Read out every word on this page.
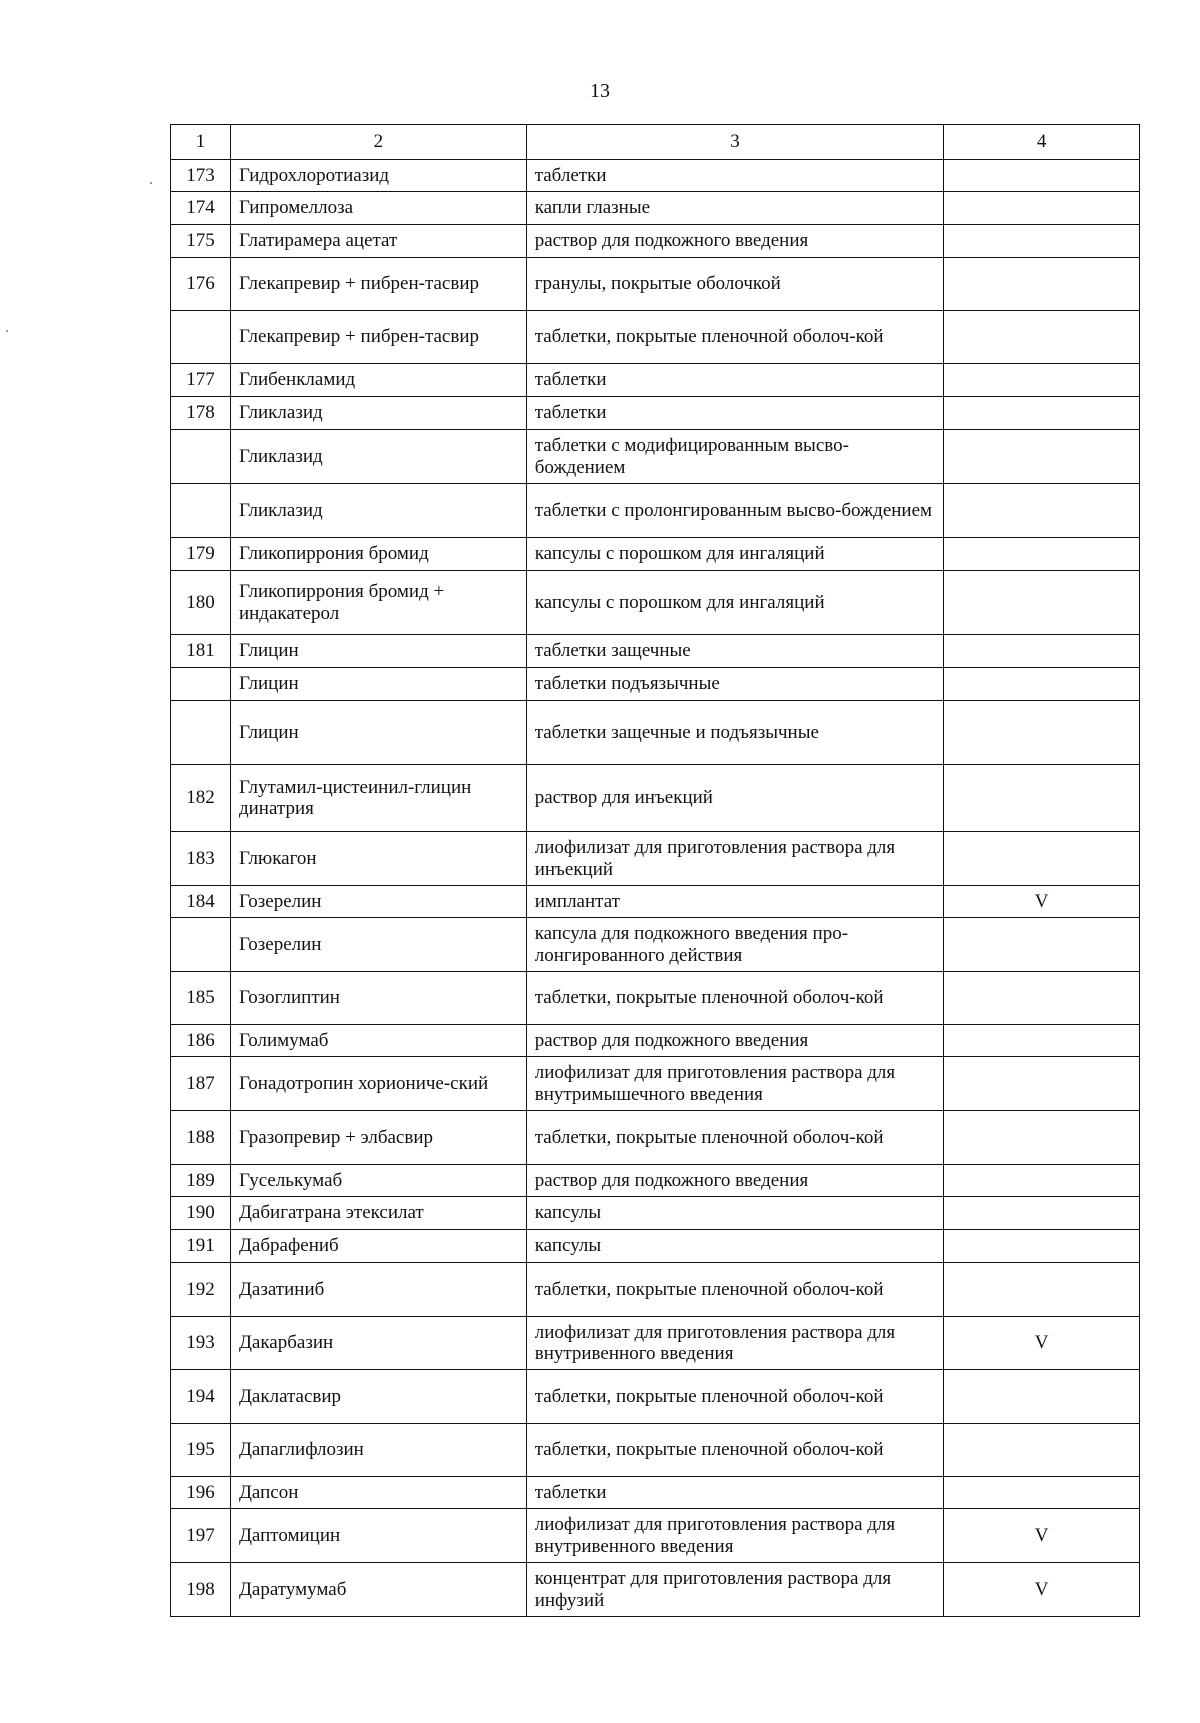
13
1	2	3	4
173	Гидрохлоротиазид	таблетки	
174	Гипромеллоза	капли глазные	
175	Глатирамера ацетат	раствор для подкожного введения	
176	Глекапревир + пибрен-тасвир	гранулы, покрытые оболочкой	
	Глекапревир + пибрен-тасвир	таблетки, покрытые пленочной оболоч-кой	
177	Глибенкламид	таблетки	
178	Гликлазид	таблетки	
	Гликлазид	таблетки с модифицированным высво-бождением	
	Гликлазид	таблетки с пролонгированным высво-бождением	
179	Гликопиррония бромид	капсулы с порошком для ингаляций	
180	Гликопиррония бромид + индакатерол	капсулы с порошком для ингаляций	
181	Глицин	таблетки защечные	
	Глицин	таблетки подъязычные	
	Глицин	таблетки защечные и подъязычные	
182	Глутамил-цистеинил-глицин динатрия	раствор для инъекций	
183	Глюкагон	лиофилизат для приготовления раствора для инъекций	
184	Гозерелин	имплантат	V
	Гозерелин	капсула для подкожного введения про-лонгированного действия	
185	Гозоглиптин	таблетки, покрытые пленочной оболоч-кой	
186	Голимумаб	раствор для подкожного введения	
187	Гонадотропин хориониче-ский	лиофилизат для приготовления раствора для внутримышечного введения	
188	Гразопревир + элбасвир	таблетки, покрытые пленочной оболоч-кой	
189	Гуселькумаб	раствор для подкожного введения	
190	Дабигатрана этексилат	капсулы	
191	Дабрафениб	капсулы	
192	Дазатиниб	таблетки, покрытые пленочной оболоч-кой	
193	Дакарбазин	лиофилизат для приготовления раствора для внутривенного введения	V
194	Даклатасвир	таблетки, покрытые пленочной оболоч-кой	
195	Дапаглифлозин	таблетки, покрытые пленочной оболоч-кой	
196	Дапсон	таблетки	
197	Даптомицин	лиофилизат для приготовления раствора для внутривенного введения	V
198	Даратумумаб	концентрат для приготовления раствора для инфузий	V
